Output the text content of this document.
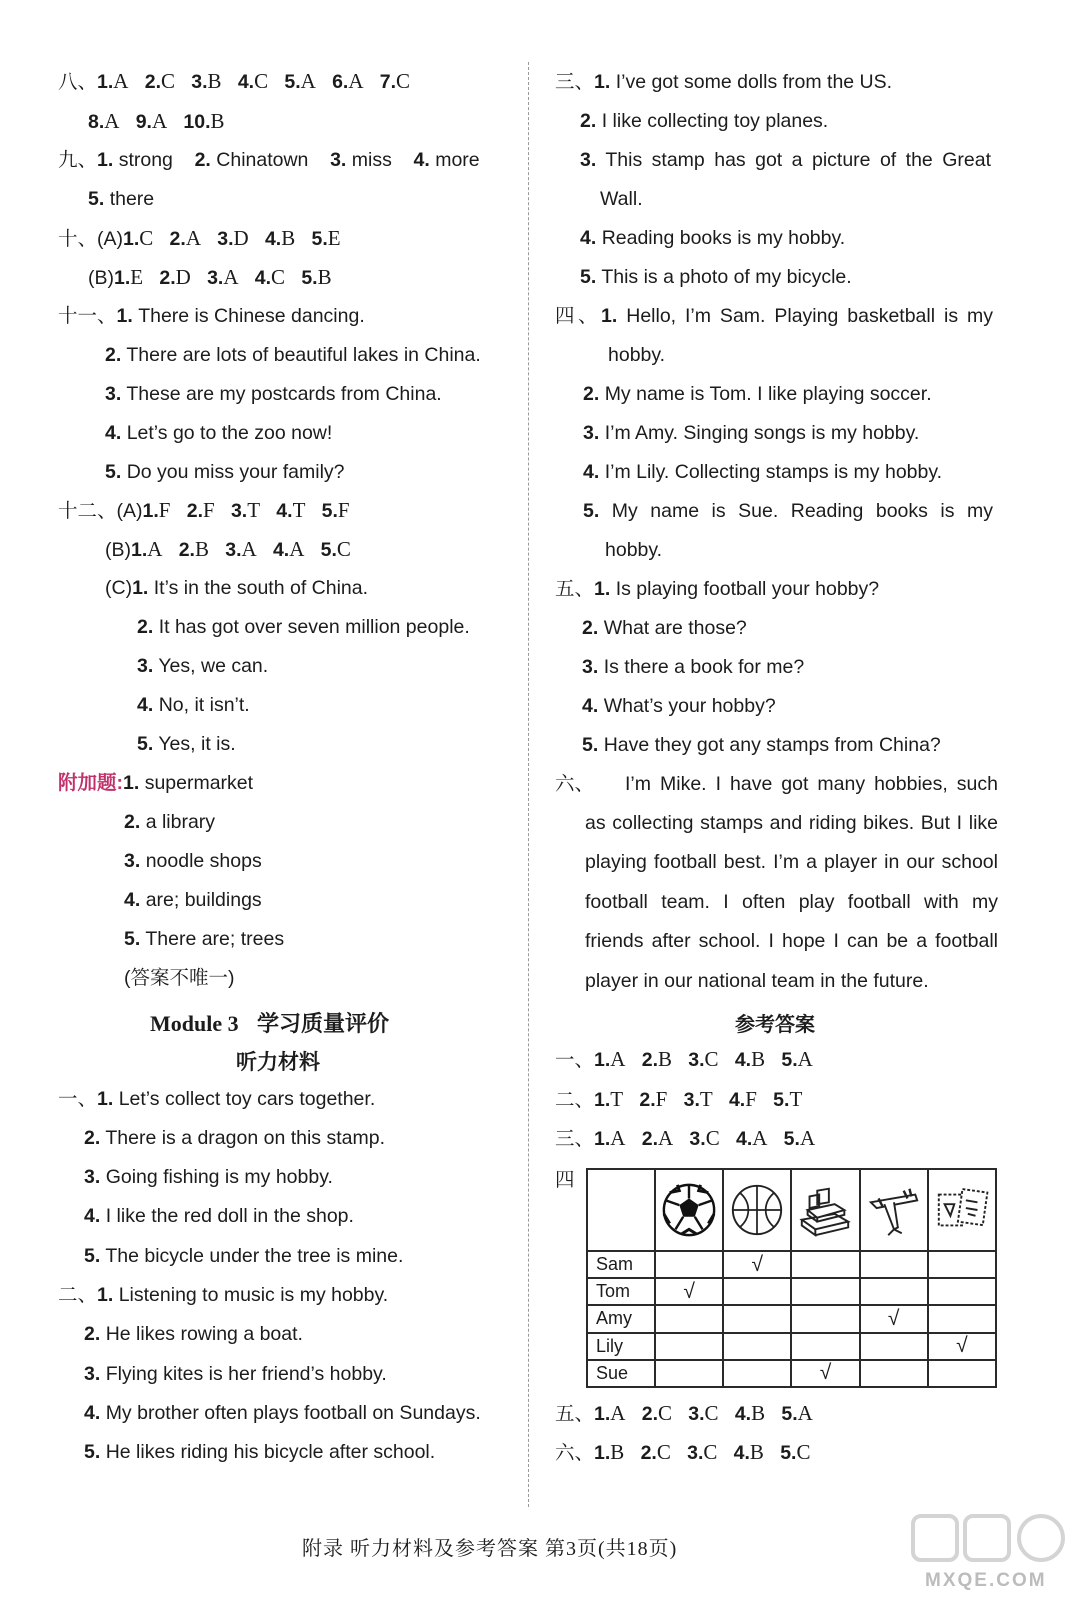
八、1.A 2.C 3.B 4.C 5.A 6.A 7.C
8.A 9.A 10.B
九、1. strong 2. Chinatown 3. miss 4. more
5. there
十、(A)1.C 2.A 3.D 4.B 5.E
(B)1.E 2.D 3.A 4.C 5.B
十一、1. There is Chinese dancing.
2. There are lots of beautiful lakes in China.
3. These are my postcards from China.
4. Let’s go to the zoo now!
5. Do you miss your family?
十二、(A)1.F 2.F 3.T 4.T 5.F
(B)1.A 2.B 3.A 4.A 5.C
(C)1. It’s in the south of China.
2. It has got over seven million people.
3. Yes, we can.
4. No, it isn’t.
5. Yes, it is.
附加题:1. supermarket
2. a library
3. noodle shops
4. are; buildings
5. There are; trees
(答案不唯一)
Module 3 学习质量评价
听力材料
一、1. Let’s collect toy cars together.
2. There is a dragon on this stamp.
3. Going fishing is my hobby.
4. I like the red doll in the shop.
5. The bicycle under the tree is mine.
二、1. Listening to music is my hobby.
2. He likes rowing a boat.
3. Flying kites is her friend’s hobby.
4. My brother often plays football on Sundays.
5. He likes riding his bicycle after school.
三、1. I’ve got some dolls from the US.
2. I like collecting toy planes.
3. This stamp has got a picture of the Great
Wall.
4. Reading books is my hobby.
5. This is a photo of my bicycle.
四、1. Hello, I’m Sam. Playing basketball is my
hobby.
2. My name is Tom. I like playing soccer.
3. I’m Amy. Singing songs is my hobby.
4. I’m Lily. Collecting stamps is my hobby.
5. My name is Sue. Reading books is my
hobby.
五、1. Is playing football your hobby?
2. What are those?
3. Is there a book for me?
4. What’s your hobby?
5. Have they got any stamps from China?
六、 I’m Mike. I have got many hobbies, such
as collecting stamps and riding bikes. But I like
playing football best. I’m a player in our school
football team. I often play football with my
friends after school. I hope I can be a football
player in our national team in the future.
参考答案
一、1.A 2.B 3.C 4.B 5.A
二、1.T 2.F 3.T 4.F 5.T
三、1.A 2.A 3.C 4.A 5.A
四
五、1.A 2.C 3.C 4.B 5.A
六、1.B 2.C 3.C 4.B 5.C

Sam		√			
Tom	√				
Amy				√	
Lily					√
Sue			√		
附录 听力材料及参考答案 第3页(共18页)
MXQE.COM
